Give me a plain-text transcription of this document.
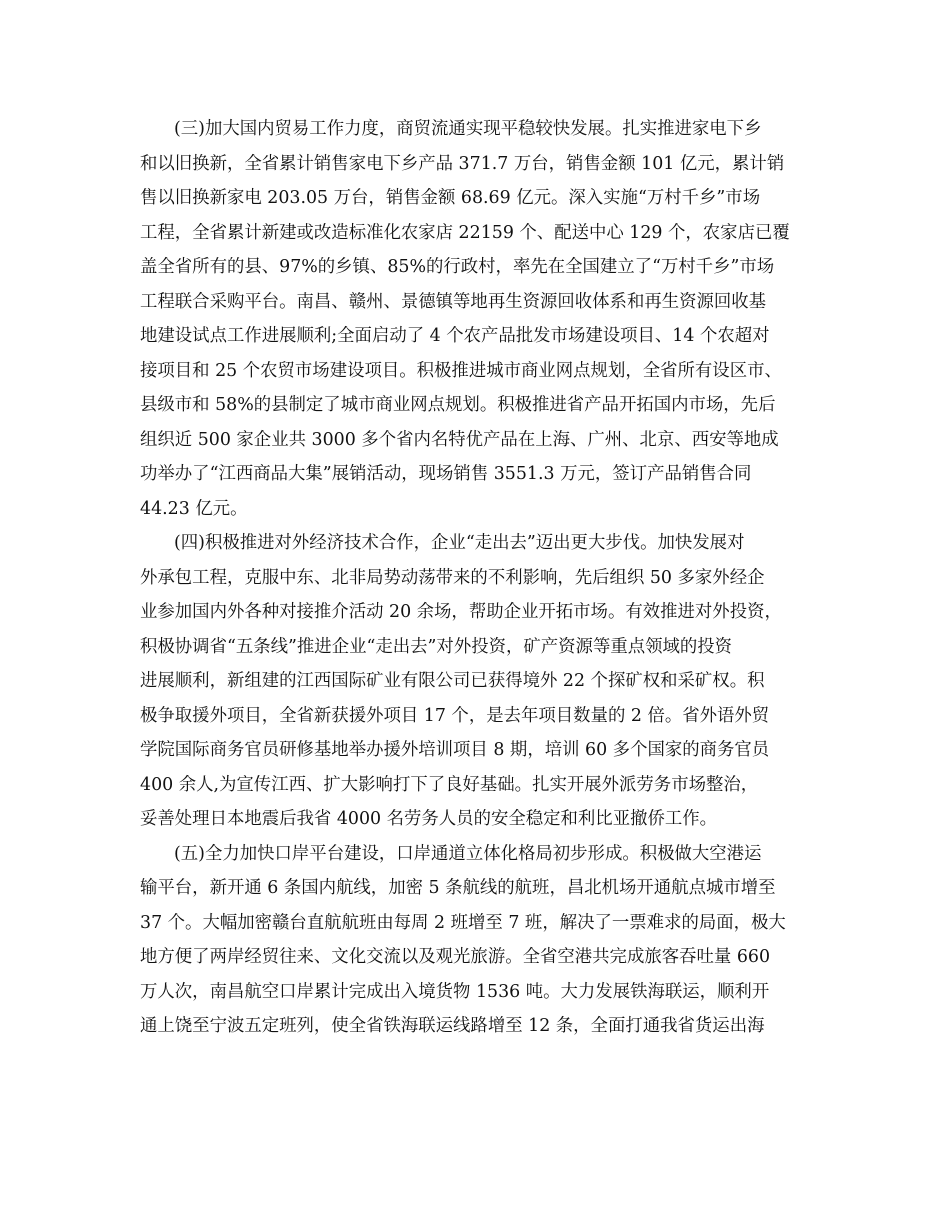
(三)加大国内贸易工作力度，商贸流通实现平稳较快发展。扎实推进家电下乡
和以旧换新，全省累计销售家电下乡产品 371.7 万台，销售金额 101 亿元，累计销
售以旧换新家电 203.05 万台，销售金额 68.69 亿元。深入实施“万村千乡”市场
工程，全省累计新建或改造标准化农家店 22159 个、配送中心 129 个，农家店已覆
盖全省所有的县、97%的乡镇、85%的行政村，率先在全国建立了“万村千乡”市场
工程联合采购平台。南昌、赣州、景德镇等地再生资源回收体系和再生资源回收基
地建设试点工作进展顺利;全面启动了 4 个农产品批发市场建设项目、14 个农超对
接项目和 25 个农贸市场建设项目。积极推进城市商业网点规划，全省所有设区市、
县级市和 58%的县制定了城市商业网点规划。积极推进省产品开拓国内市场，先后
组织近 500 家企业共 3000 多个省内名特优产品在上海、广州、北京、西安等地成
功举办了“江西商品大集”展销活动，现场销售 3551.3 万元，签订产品销售合同
44.23 亿元。
(四)积极推进对外经济技术合作，企业“走出去”迈出更大步伐。加快发展对
外承包工程，克服中东、北非局势动荡带来的不利影响，先后组织 50 多家外经企
业参加国内外各种对接推介活动 20 余场，帮助企业开拓市场。有效推进对外投资，
积极协调省“五条线”推进企业“走出去”对外投资，矿产资源等重点领域的投资
进展顺利，新组建的江西国际矿业有限公司已获得境外 22 个探矿权和采矿权。积
极争取援外项目，全省新获援外项目 17 个，是去年项目数量的 2 倍。省外语外贸
学院国际商务官员研修基地举办援外培训项目 8 期，培训 60 多个国家的商务官员
400 余人,为宣传江西、扩大影响打下了良好基础。扎实开展外派劳务市场整治，
妥善处理日本地震后我省 4000 名劳务人员的安全稳定和利比亚撤侨工作。
(五)全力加快口岸平台建设，口岸通道立体化格局初步形成。积极做大空港运
输平台，新开通 6 条国内航线，加密 5 条航线的航班，昌北机场开通航点城市增至
37 个。大幅加密赣台直航航班由每周 2 班增至 7 班，解决了一票难求的局面，极大
地方便了两岸经贸往来、文化交流以及观光旅游。全省空港共完成旅客吞吐量 660
万人次，南昌航空口岸累计完成出入境货物 1536 吨。大力发展铁海联运，顺利开
通上饶至宁波五定班列，使全省铁海联运线路增至 12 条，全面打通我省货运出海
